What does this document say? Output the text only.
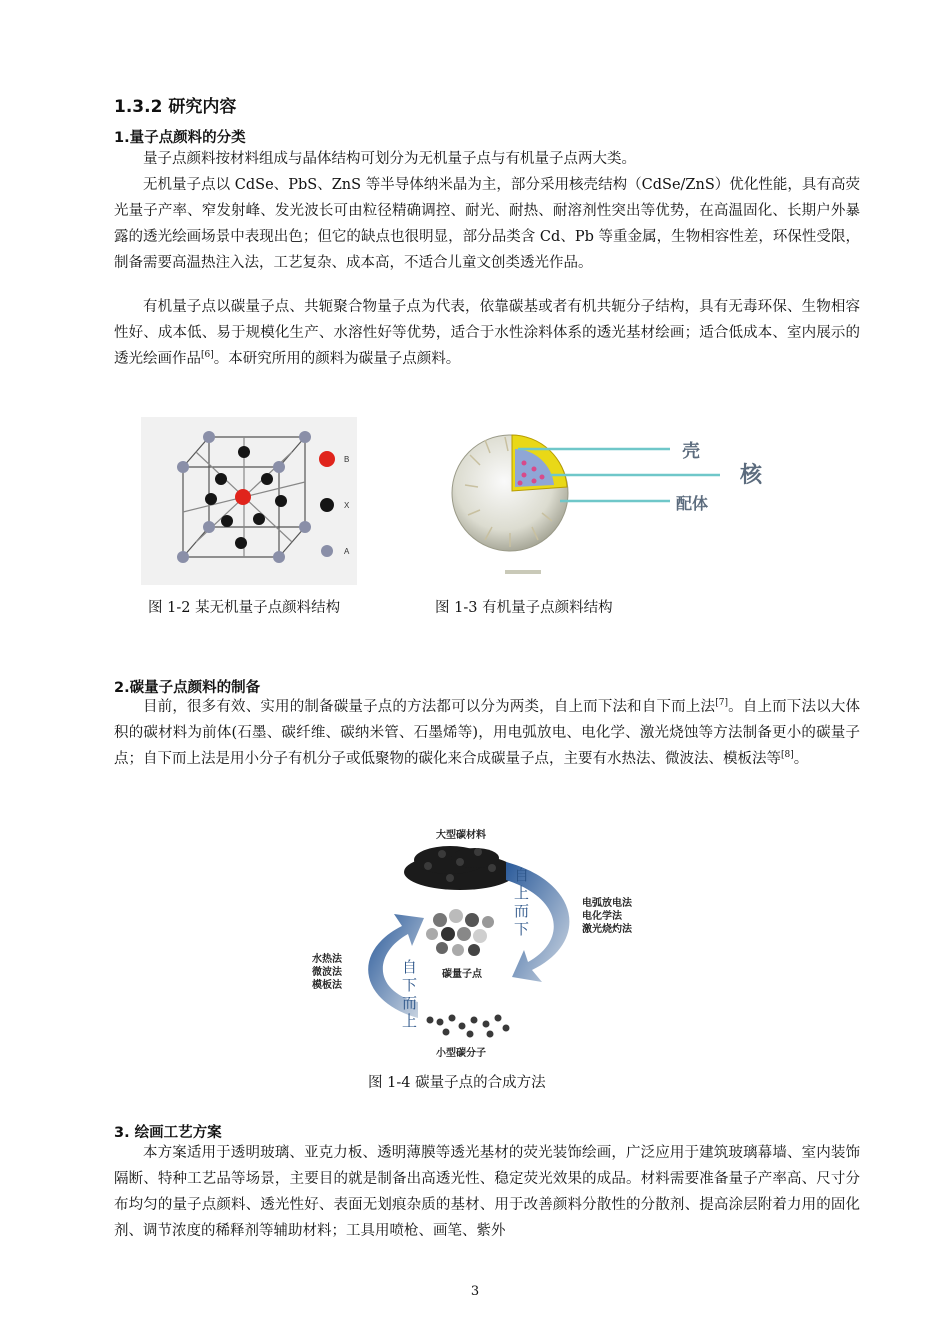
1.3.2 研究内容
1.量子点颜料的分类

量子点颜料按材料组成与晶体结构可划分为无机量子点与有机量子点两大类。

无机量子点以 CdSe、PbS、ZnS 等半导体纳米晶为主，部分采用核壳结构（CdSe/ZnS）优化性能，具有高荧光量子产率、窄发射峰、发光波长可由粒径精确调控、耐光、耐热、耐溶剂性突出等优势，在高温固化、长期户外暴露的透光绘画场景中表现出色；但它的缺点也很明显，部分品类含 Cd、Pb 等重金属，生物相容性差，环保性受限，制备需要高温热注入法，工艺复杂、成本高，不适合儿童文创类透光作品。

有机量子点以碳量子点、共轭聚合物量子点为代表，依靠碳基或者有机共轭分子结构，具有无毒环保、生物相容性好、成本低、易于规模化生产、水溶性好等优势，适合于水性涂料体系的透光基材绘画；适合低成本、室内展示的透光绘画作品[6]。本研究所用的颜料为碳量子点颜料。

B
X
A
壳
核
配体
图 1-2 某无机量子点颜料结构	图 1-3 有机量子点颜料结构
2.碳量子点颜料的制备

目前，很多有效、实用的制备碳量子点的方法都可以分为两类，自上而下法和自下而上法[7]。自上而下法以大体积的碳材料为前体(石墨、碳纤维、碳纳米管、石墨烯等)，用电弧放电、电化学、激光烧蚀等方法制备更小的碳量子点；自下而上法是用小分子有机分子或低聚物的碳化来合成碳量子点，主要有水热法、微波法、模板法等[8]。

大型碳材料
自
上
而
下
电弧放电法
电化学法
激光烧灼法
碳量子点
自
下
而
上
水热法
微波法
模板法
小型碳分子
图 1-4 碳量子点的合成方法
3. 绘画工艺方案

本方案适用于透明玻璃、亚克力板、透明薄膜等透光基材的荧光装饰绘画，广泛应用于建筑玻璃幕墙、室内装饰隔断、特种工艺品等场景，主要目的就是制备出高透光性、稳定荧光效果的成品。材料需要准备量子产率高、尺寸分布均匀的量子点颜料、透光性好、表面无划痕杂质的基材、用于改善颜料分散性的分散剂、提高涂层附着力用的固化剂、调节浓度的稀释剂等辅助材料；工具用喷枪、画笔、紫外

3
